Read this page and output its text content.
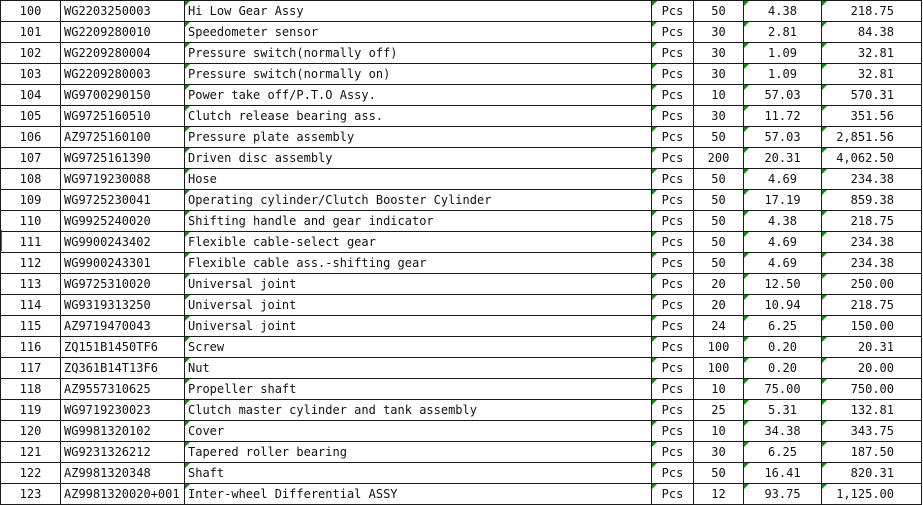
100	WG2203250003	Hi Low Gear Assy	Pcs	50	4.38	218.75
101	WG2209280010	Speedometer sensor	Pcs	30	2.81	84.38
102	WG2209280004	Pressure switch(normally off)	Pcs	30	1.09	32.81
103	WG2209280003	Pressure switch(normally on)	Pcs	30	1.09	32.81
104	WG9700290150	Power take off/P.T.O Assy.	Pcs	10	57.03	570.31
105	WG9725160510	Clutch release bearing ass.	Pcs	30	11.72	351.56
106	AZ9725160100	Pressure plate assembly	Pcs	50	57.03	2,851.56
107	WG9725161390	Driven disc assembly	Pcs	200	20.31	4,062.50
108	WG9719230088	Hose	Pcs	50	4.69	234.38
109	WG9725230041	Operating cylinder/Clutch Booster Cylinder	Pcs	50	17.19	859.38
110	WG9925240020	Shifting handle and gear indicator	Pcs	50	4.38	218.75
111	WG9900243402	Flexible cable-select gear	Pcs	50	4.69	234.38
112	WG9900243301	Flexible cable ass.-shifting gear	Pcs	50	4.69	234.38
113	WG9725310020	Universal joint	Pcs	20	12.50	250.00
114	WG9319313250	Universal joint	Pcs	20	10.94	218.75
115	AZ9719470043	Universal joint	Pcs	24	6.25	150.00
116	ZQ151B1450TF6	Screw	Pcs	100	0.20	20.31
117	ZQ361B14T13F6	Nut	Pcs	100	0.20	20.00
118	AZ9557310625	Propeller shaft	Pcs	10	75.00	750.00
119	WG9719230023	Clutch master cylinder and tank assembly	Pcs	25	5.31	132.81
120	WG9981320102	Cover	Pcs	10	34.38	343.75
121	WG9231326212	Tapered roller bearing	Pcs	30	6.25	187.50
122	AZ9981320348	Shaft	Pcs	50	16.41	820.31
123	AZ9981320020+001	Inter-wheel Differential ASSY	Pcs	12	93.75	1,125.00
